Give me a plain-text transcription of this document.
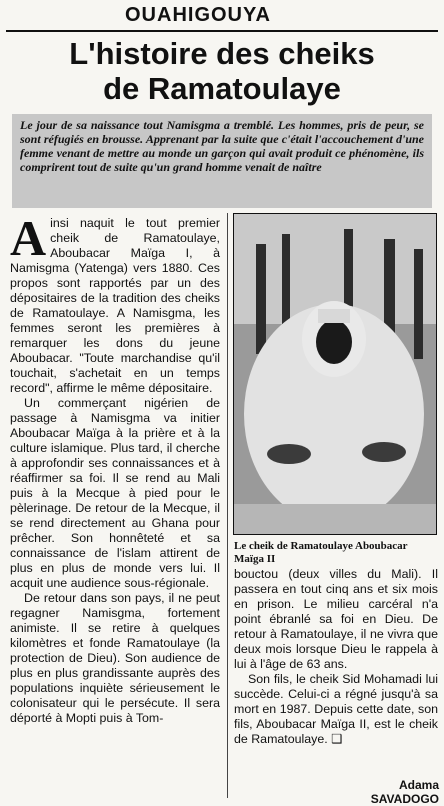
OUAHIGOUYA
L'histoire des cheiks
de Ramatoulaye
Le jour de sa naissance tout Namisgma a tremblé. Les hommes, pris de peur, se sont réfugiés en brousse. Apprenant par la suite que c'était l'accouchement d'une femme venant de mettre au monde un garçon qui avait produit ce phénomène, ils comprirent tout de suite qu'un grand homme venait de naître

Ainsi naquit le tout premier cheik de Ramatoulaye, Aboubacar Maïga I, à Namisgma (Yatenga) vers 1880. Ces propos sont rapportés par un des dépositaires de la tradition des cheiks de Ramatoulaye. A Namisgma, les femmes seront les premières à remarquer les dons du jeune Aboubacar. "Toute marchandise qu'il touchait, s'achetait en un temps record", affirme le même dépositaire.

Un commerçant nigérien de passage à Namisgma va initier Aboubacar Maïga à la prière et à la culture islamique. Plus tard, il cherche à approfondir ses connaissances et à réaffirmer sa foi. Il se rend au Mali puis à la Mecque à pied pour le pèlerinage. De retour de la Mecque, il se rend directement au Ghana pour prêcher. Son honnêteté et sa connaissance de l'islam attirent de plus en plus de monde vers lui. Il acquit une audience sous-régionale.

De retour dans son pays, il ne peut regagner Namisgma, fortement animiste. Il se retire à quelques kilomètres et fonde Ramatoulaye (la protection de Dieu). Son audience de plus en plus grandissante auprès des populations inquiète sérieusement le colonisateur qui le persécute. Il sera déporté à Mopti puis à Tom-

Le cheik de Ramatoulaye Aboubacar Maïga II

bouctou (deux villes du Mali). Il passera en tout cinq ans et six mois en prison. Le milieu carcéral n'a point ébranlé sa foi en Dieu. De retour à Ramatoulaye, il ne vivra que deux mois lorsque Dieu le rappela à lui à l'âge de 63 ans.

Son fils, le cheik Sid Mohamadi lui succède. Celui-ci a régné jusqu'à sa mort en 1987. Depuis cette date, son fils, Aboubacar Maïga II, est le cheik de Ramatoulaye. ❑

Adama SAVADOGO
